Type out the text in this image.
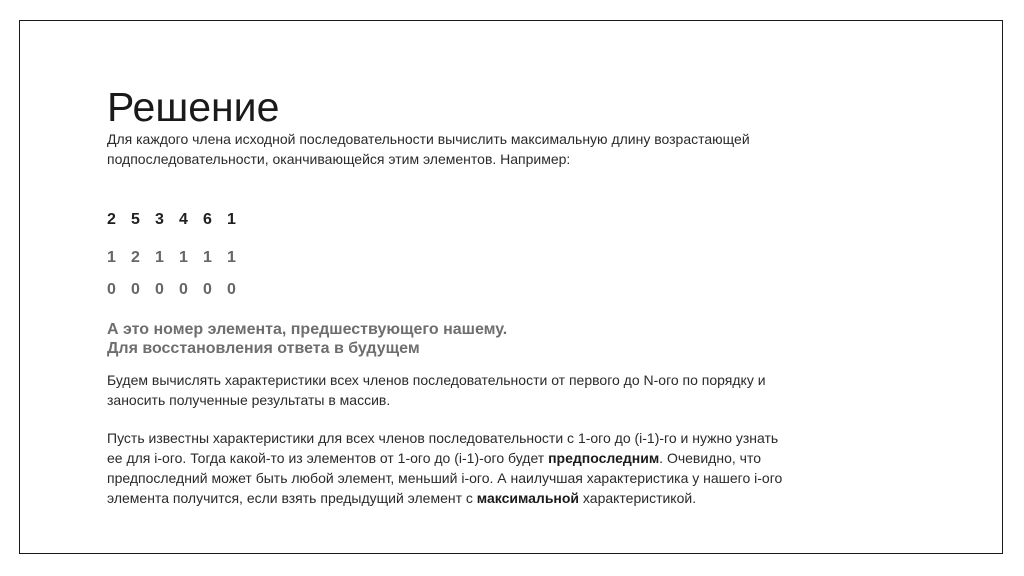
Решение
Для каждого члена исходной последовательности вычислить максимальную длину возрастающей
подпоследовательности, оканчивающейся этим элементов. Например:
2 5 3 4 6 1
1 2 1 1 1 1
0 0 0 0 0 0
А это номер элемента, предшествующего нашему.
Для восстановления ответа в будущем
Будем вычислять характеристики всех членов последовательности от первого до N-ого по порядку и
заносить полученные результаты в массив.
Пусть известны характеристики для всех членов последовательности с 1-ого до (i-1)-го и нужно узнать
ее для i-ого. Тогда какой-то из элементов от 1-ого до (i-1)-ого будет предпоследним. Очевидно, что
предпоследний может быть любой элемент, меньший i-ого. А наилучшая характеристика у нашего i-ого
элемента получится, если взять предыдущий элемент с максимальной характеристикой.
